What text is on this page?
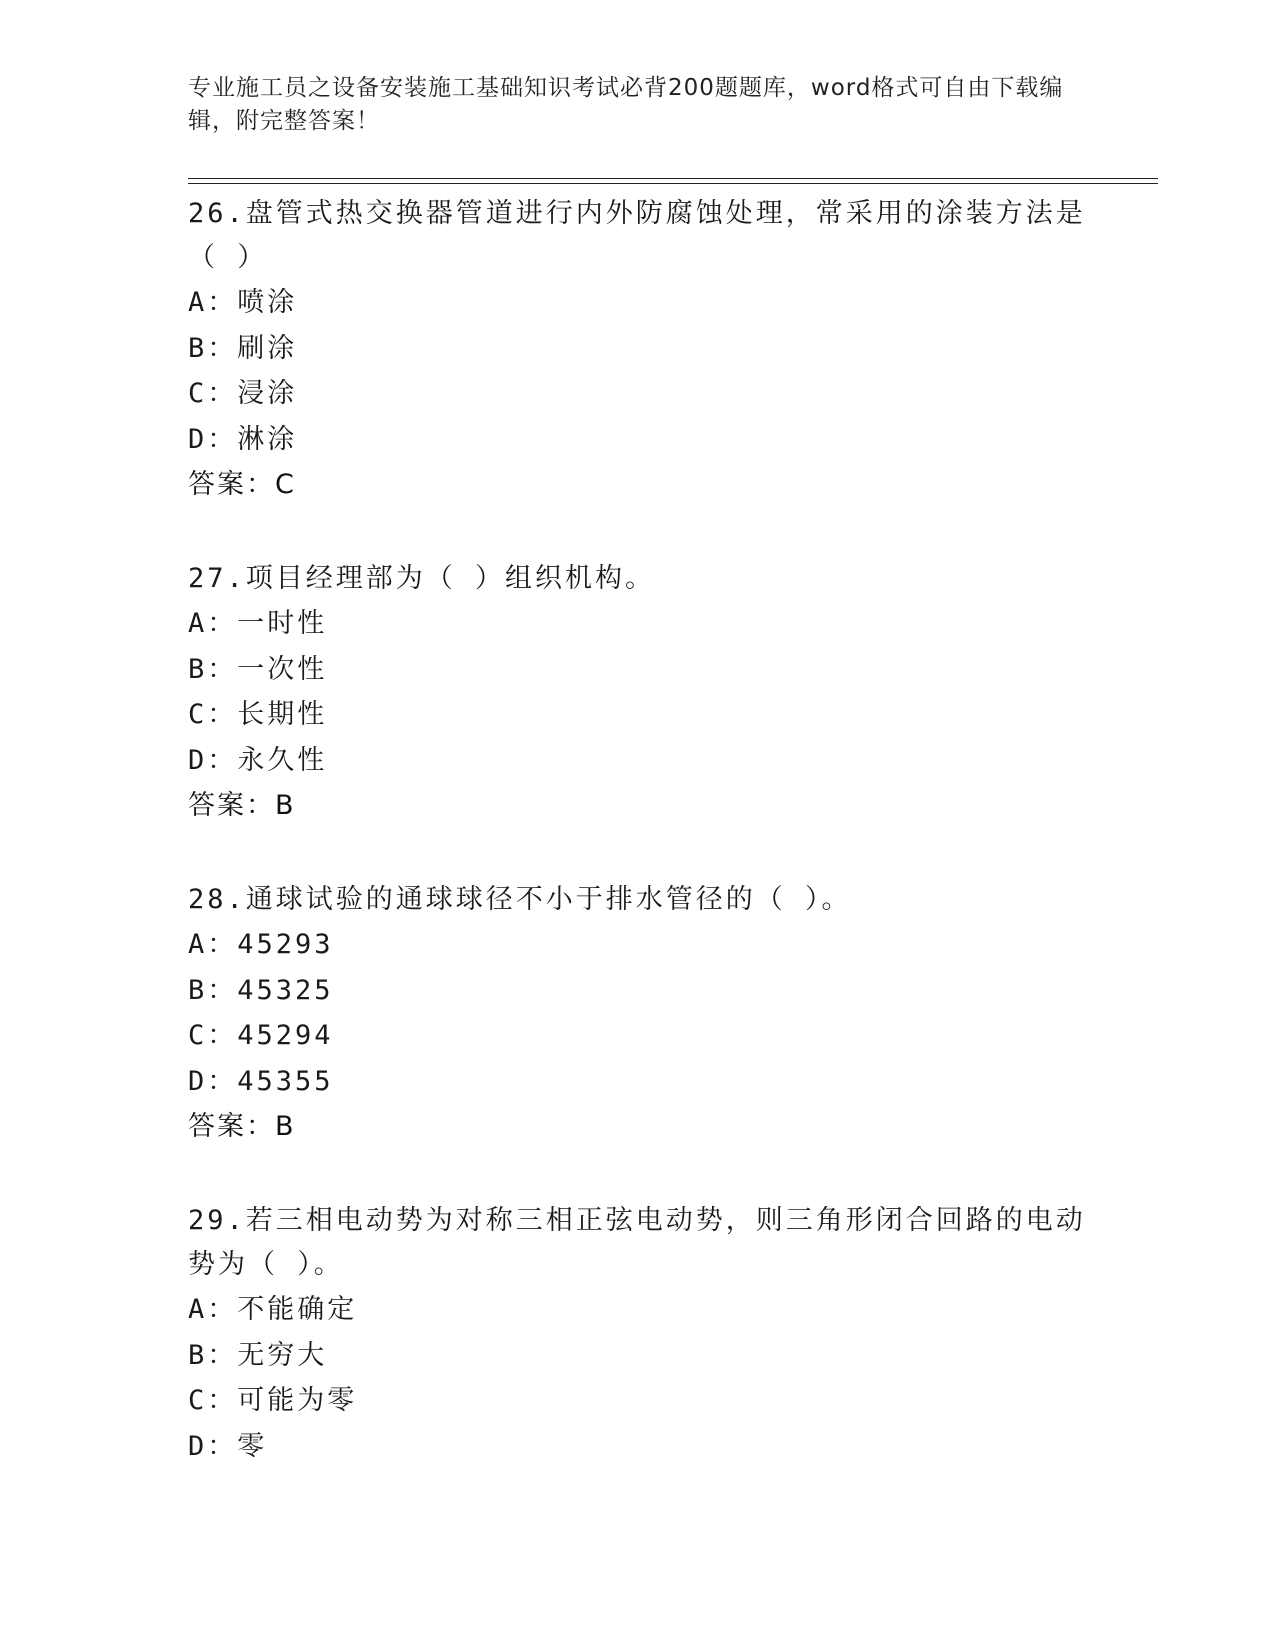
专业施工员之设备安装施工基础知识考试必背200题题库，word格式可自由下载编辑，附完整答案！

26.盘管式热交换器管道进行内外防腐蚀处理，常采用的涂装方法是（ ）

A：喷涂

B：刷涂

C：浸涂

D：淋涂

答案：C

27.项目经理部为（ ）组织机构。

A：一时性

B：一次性

C：长期性

D：永久性

答案：B

28.通球试验的通球球径不小于排水管径的（ ）。

A：45293

B：45325

C：45294

D：45355

答案：B

29.若三相电动势为对称三相正弦电动势，则三角形闭合回路的电动势为（ ）。

A：不能确定

B：无穷大

C：可能为零

D：零
